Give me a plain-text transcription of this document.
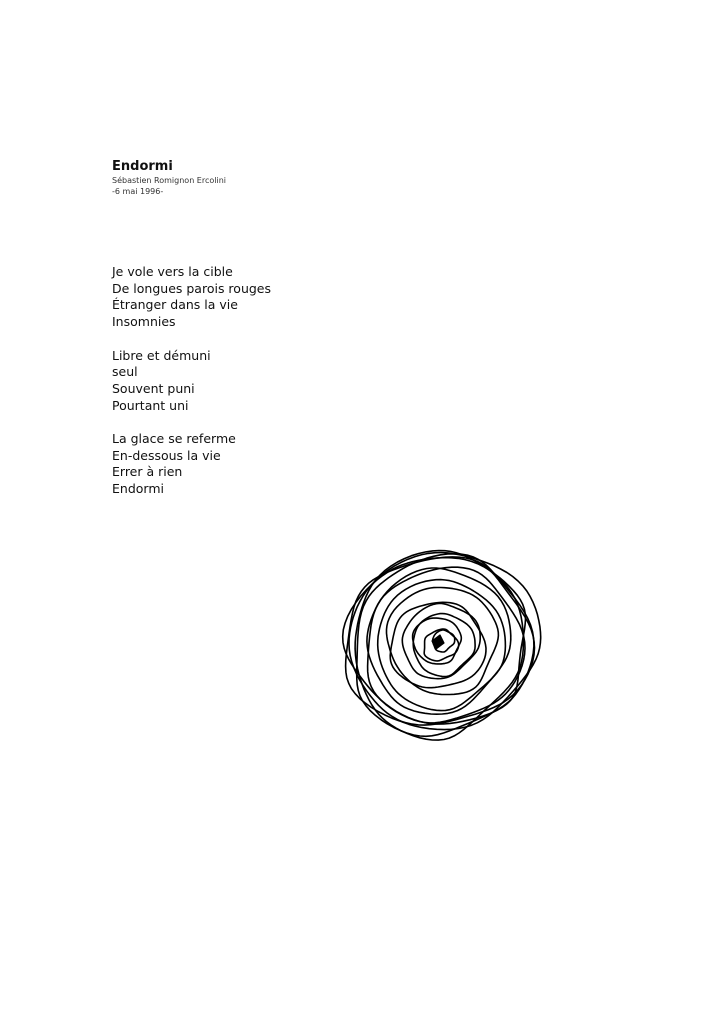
Endormi
Sébastien Romignon Ercolini
-6 mai 1996-
Je vole vers la cible
De longues parois rouges
Étranger dans la vie
Insomnies
Libre et démuni
seul
Souvent puni
Pourtant uni
La glace se referme
En-dessous la vie
Errer à rien
Endormi
